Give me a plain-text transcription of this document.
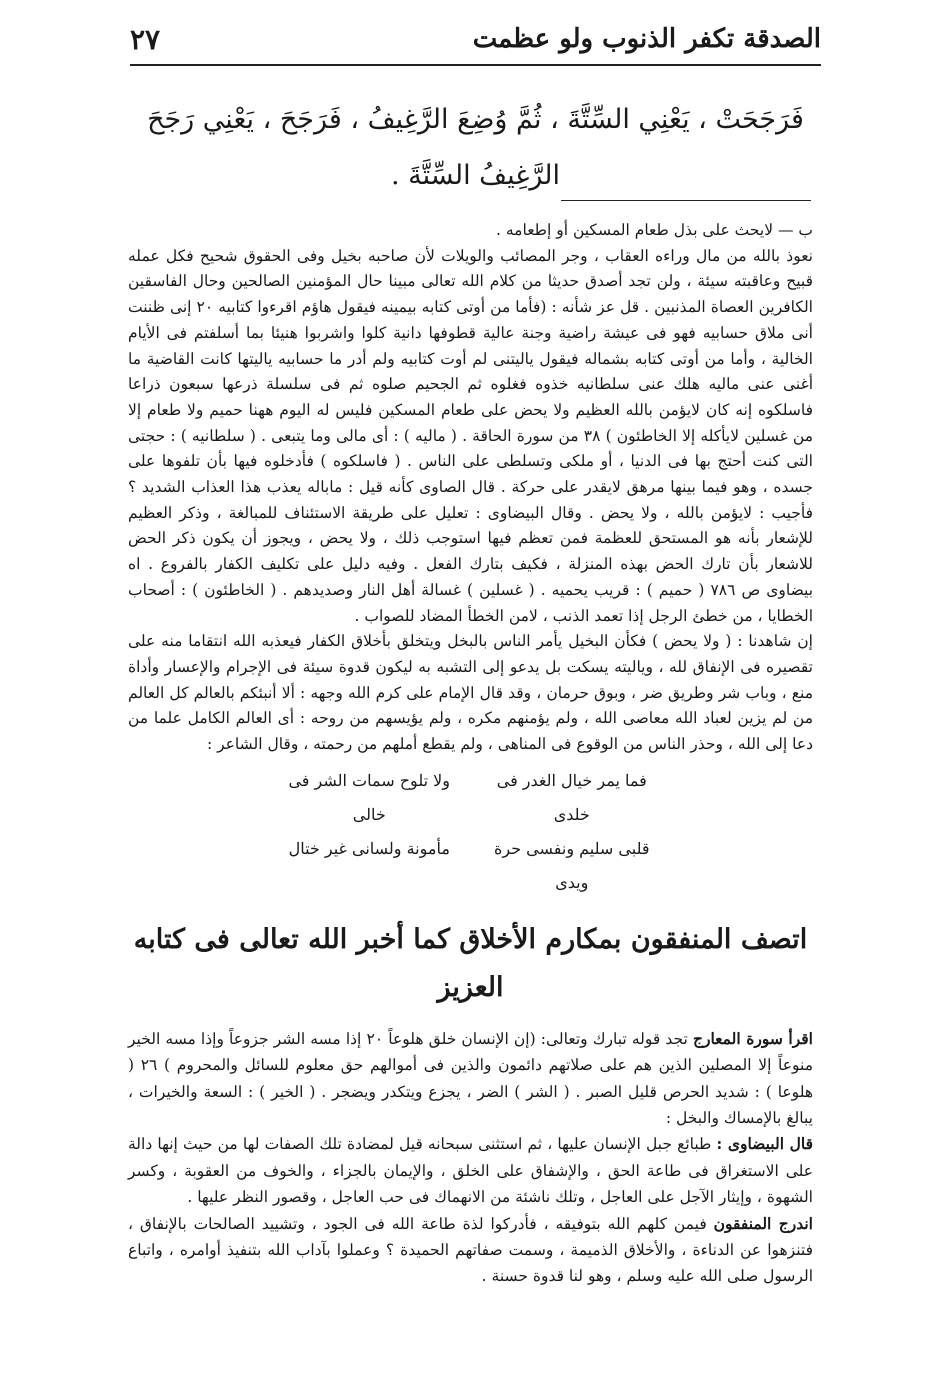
الصدقة تكفر الذنوب ولو عظمت
٢٧
فَرَجَحَتْ ، يَعْنِي السِّتَّةَ ، ثُمَّ وُضِعَ الرَّغِيفُ ، فَرَجَحَ ، يَعْنِي رَجَحَ الرَّغِيفُ السِّتَّةَ .

ب — لايحث على بذل طعام المسكين أو إطعامه .

نعوذ بالله من مال وراءه العقاب ، وجر المصائب والويلات لأن صاحبه بخيل وفى الحقوق شحيح فكل عمله قبيح وعاقبته سيئة ، ولن تجد أصدق حديثا من كلام الله تعالى مبينا حال المؤمنين الصالحين وحال الفاسقين الكافرين العصاة المذنبين . قل عز شأنه : (فأما من أوتى كتابه بيمينه فيقول هاؤم اقرءوا كتابيه ٢٠ إنى ظننت أنى ملاق حسابيه فهو فى عيشة راضية وجنة عالية قطوفها دانية كلوا واشربوا هنيئا بما أسلفتم فى الأيام الخالية ، وأما من أوتى كتابه بشماله فيقول ياليتنى لم أوت كتابيه ولم أدر ما حسابيه ياليتها كانت القاضية ما أغنى عنى ماليه هلك عنى سلطانيه خذوه فغلوه ثم الجحيم صلوه ثم فى سلسلة ذرعها سبعون ذراعا فاسلكوه إنه كان لايؤمن بالله العظيم ولا يحض على طعام المسكين فليس له اليوم ههنا حميم ولا طعام إلا من غسلين لايأكله إلا الخاطئون ) ٣٨ من سورة الحاقة . ( ماليه ) : أى مالى وما يتبعى . ( سلطانيه ) : حجتى التى كنت أحتج بها فى الدنيا ، أو ملكى وتسلطى على الناس . ( فاسلكوه ) فأدخلوه فيها بأن تلفوها على جسده ، وهو فيما بينها مرهق لايقدر على حركة . قال الصاوى كأنه قيل : ماباله يعذب هذا العذاب الشديد ؟ فأجيب : لايؤمن بالله ، ولا يحض . وقال البيضاوى : تعليل على طريقة الاستئناف للمبالغة ، وذكر العظيم للإشعار بأنه هو المستحق للعظمة فمن تعظم فيها استوجب ذلك ، ولا يحض ، ويجوز أن يكون ذكر الحض للاشعار بأن تارك الحض بهذه المنزلة ، فكيف بتارك الفعل . وفيه دليل على تكليف الكفار بالفروع . اه بيضاوى ص ٧٨٦ ( حميم ) : قريب يحميه . ( غسلين ) غسالة أهل النار وصديدهم . ( الخاطئون ) : أصحاب الخطايا ، من خطئ الرجل إذا تعمد الذنب ، لامن الخطأ المضاد للصواب .

إن شاهدنا : ( ولا يحض ) فكأن البخيل يأمر الناس بالبخل ويتخلق بأخلاق الكفار فيعذبه الله انتقاما منه على تقصيره فى الإنفاق لله ، وياليته يسكت بل يدعو إلى التشبه به ليكون قدوة سيئة فى الإجرام والإعسار وأداة منع ، وباب شر وطريق ضر ، وبوق حرمان ، وقد قال الإمام على كرم الله وجهه : ألا أنبئكم بالعالم كل العالم من لم يزين لعباد الله معاصى الله ، ولم يؤمنهم مكره ، ولم يؤيسهم من روحه : أى العالم الكامل علما من دعا إلى الله ، وحذر الناس من الوقوع فى المناهى ، ولم يقطع أملهم من رحمته ، وقال الشاعر :

فما يمر خيال الغدر فى خلدى
ولا تلوح سمات الشر فى خالى
قلبى سليم ونفسى حرة ويدى
مأمونة ولسانى غير ختال
اتصف المنفقون بمكارم الأخلاق كما أخبر الله تعالى فى كتابه العزيز

اقرأ سورة المعارج تجد قوله تبارك وتعالى: (إن الإنسان خلق هلوعاً ٢٠ إذا مسه الشر جزوعاً وإذا مسه الخير منوعاً إلا المصلين الذين هم على صلاتهم دائمون والذين فى أموالهم حق معلوم للسائل والمحروم ) ٢٦ ( هلوعا ) : شديد الحرص قليل الصبر . ( الشر ) الضر ، يجزع ويتكدر ويضجر . ( الخير ) : السعة والخيرات ، يبالغ بالإمساك والبخل :

قال البيضاوى : طبائع جبل الإنسان عليها ، ثم استثنى سبحانه قيل لمضادة تلك الصفات لها من حيث إنها دالة على الاستغراق فى طاعة الحق ، والإشفاق على الخلق ، والإيمان بالجزاء ، والخوف من العقوبة ، وكسر الشهوة ، وإيثار الآجل على العاجل ، وتلك ناشئة من الانهماك فى حب العاجل ، وقصور النظر عليها .

اندرج المنفقون فيمن كلهم الله بتوفيقه ، فأدركوا لذة طاعة الله فى الجود ، وتشييد الصالحات بالإنفاق ، فتنزهوا عن الدناءة ، والأخلاق الذميمة ، وسمت صفاتهم الحميدة ؟ وعملوا بآداب الله بتنفيذ أوامره ، واتباع الرسول صلى الله عليه وسلم ، وهو لنا قدوة حسنة .
